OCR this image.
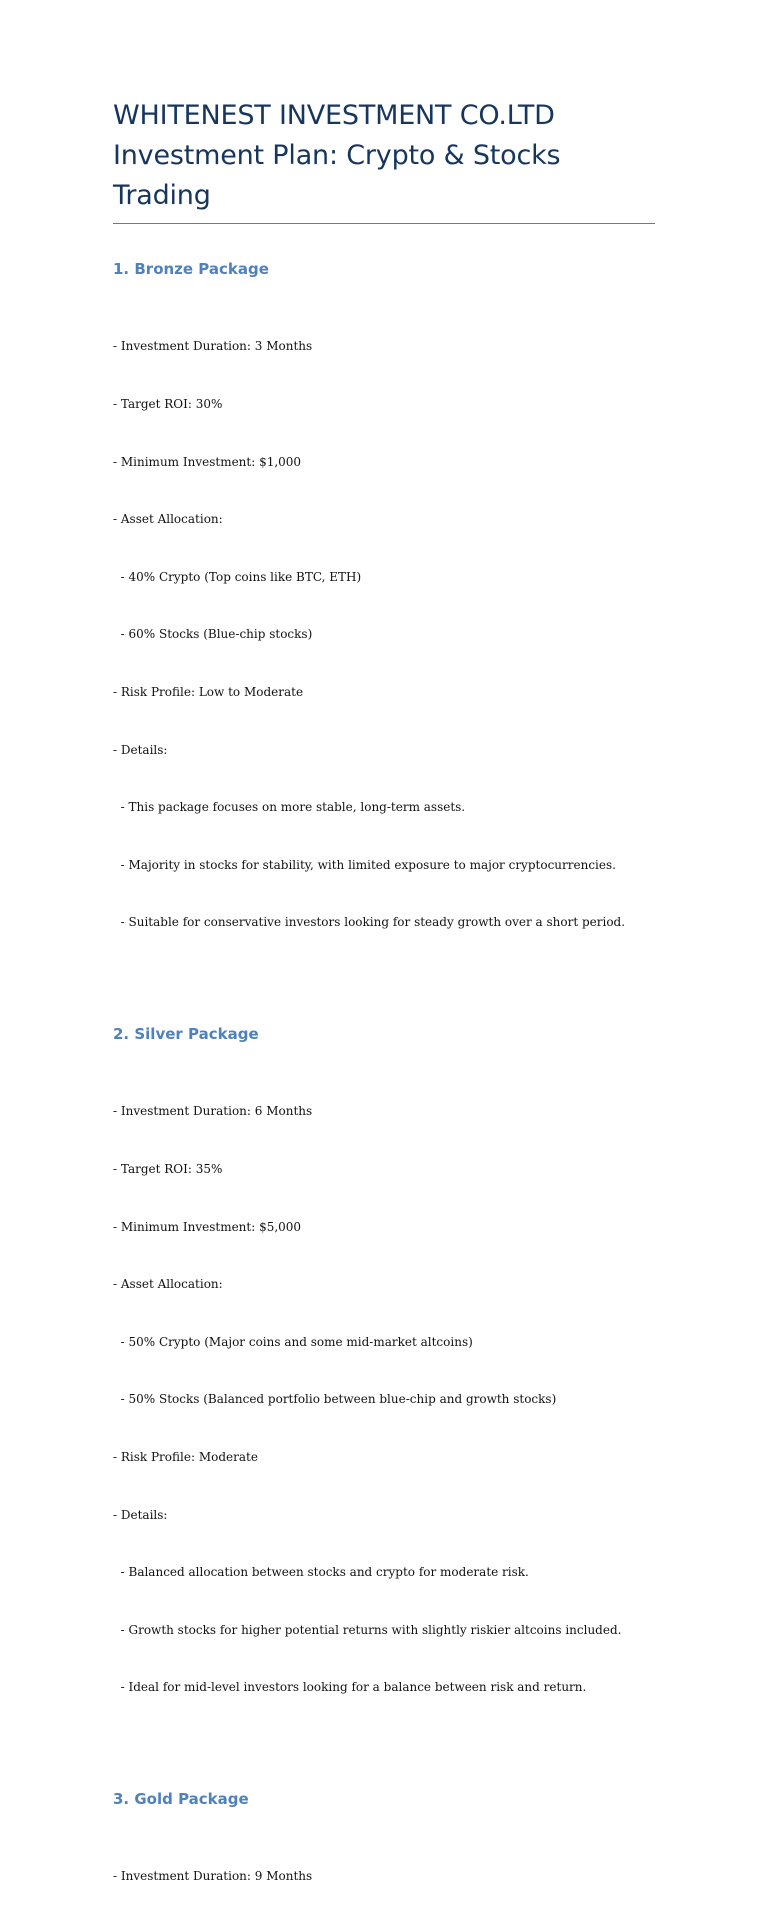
WHITENEST INVESTMENT CO.LTD
Investment Plan: Crypto & Stocks
Trading
1. Bronze Package

- Investment Duration: 3 Months

- Target ROI: 30%

- Minimum Investment: $1,000

- Asset Allocation:

- 40% Crypto (Top coins like BTC, ETH)

- 60% Stocks (Blue-chip stocks)

- Risk Profile: Low to Moderate

- Details:

- This package focuses on more stable, long-term assets.

- Majority in stocks for stability, with limited exposure to major cryptocurrencies.

- Suitable for conservative investors looking for steady growth over a short period.

2. Silver Package

- Investment Duration: 6 Months

- Target ROI: 35%

- Minimum Investment: $5,000

- Asset Allocation:

- 50% Crypto (Major coins and some mid-market altcoins)

- 50% Stocks (Balanced portfolio between blue-chip and growth stocks)

- Risk Profile: Moderate

- Details:

- Balanced allocation between stocks and crypto for moderate risk.

- Growth stocks for higher potential returns with slightly riskier altcoins included.

- Ideal for mid-level investors looking for a balance between risk and return.

3. Gold Package

- Investment Duration: 9 Months
